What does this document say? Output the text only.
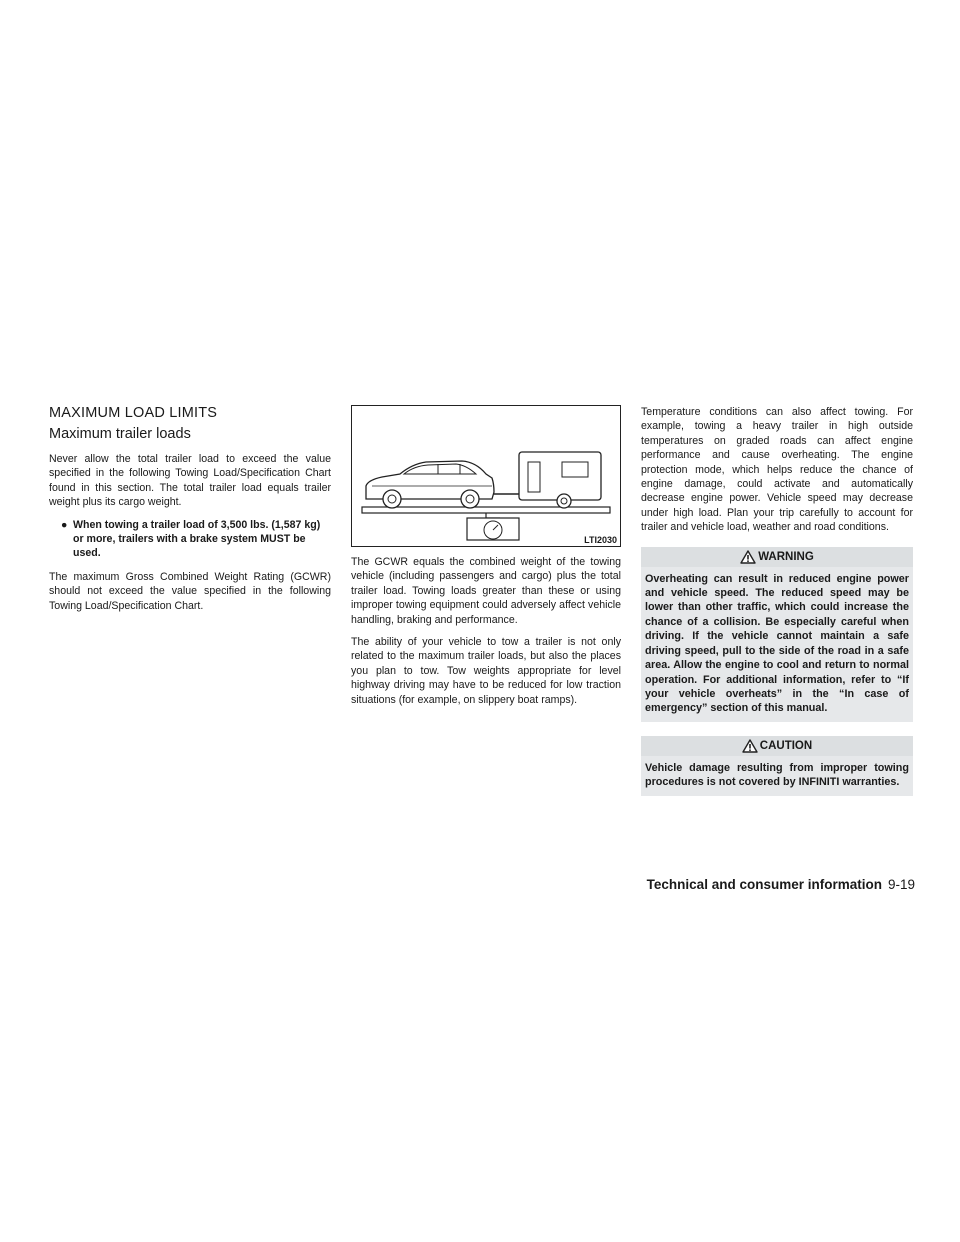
MAXIMUM LOAD LIMITS
Maximum trailer loads

Never allow the total trailer load to exceed the value specified in the following Towing Load/Specification Chart found in this section. The total trailer load equals trailer weight plus its cargo weight.

● When towing a trailer load of 3,500 lbs. (1,587 kg) or more, trailers with a brake system MUST be used.

The maximum Gross Combined Weight Rating (GCWR) should not exceed the value specified in the following Towing Load/Specification Chart.

LTI2030

The GCWR equals the combined weight of the towing vehicle (including passengers and cargo) plus the total trailer load. Towing loads greater than these or using improper towing equipment could adversely affect vehicle handling, braking and performance.

The ability of your vehicle to tow a trailer is not only related to the maximum trailer loads, but also the places you plan to tow. Tow weights appropriate for level highway driving may have to be reduced for low traction situations (for example, on slippery boat ramps).

Temperature conditions can also affect towing. For example, towing a heavy trailer in high outside temperatures on graded roads can affect engine performance and cause overheating. The engine protection mode, which helps reduce the chance of engine damage, could activate and automatically decrease engine power. Vehicle speed may decrease under high load. Plan your trip carefully to account for trailer and vehicle load, weather and road conditions.

WARNING
Overheating can result in reduced engine power and vehicle speed. The reduced speed may be lower than other traffic, which could increase the chance of a collision. Be especially careful when driving. If the vehicle cannot maintain a safe driving speed, pull to the side of the road in a safe area. Allow the engine to cool and return to normal operation. For additional information, refer to “If your vehicle overheats” in the “In case of emergency” section of this manual.
CAUTION
Vehicle damage resulting from improper towing procedures is not covered by INFINITI warranties.
Technical and consumer information 9-19
